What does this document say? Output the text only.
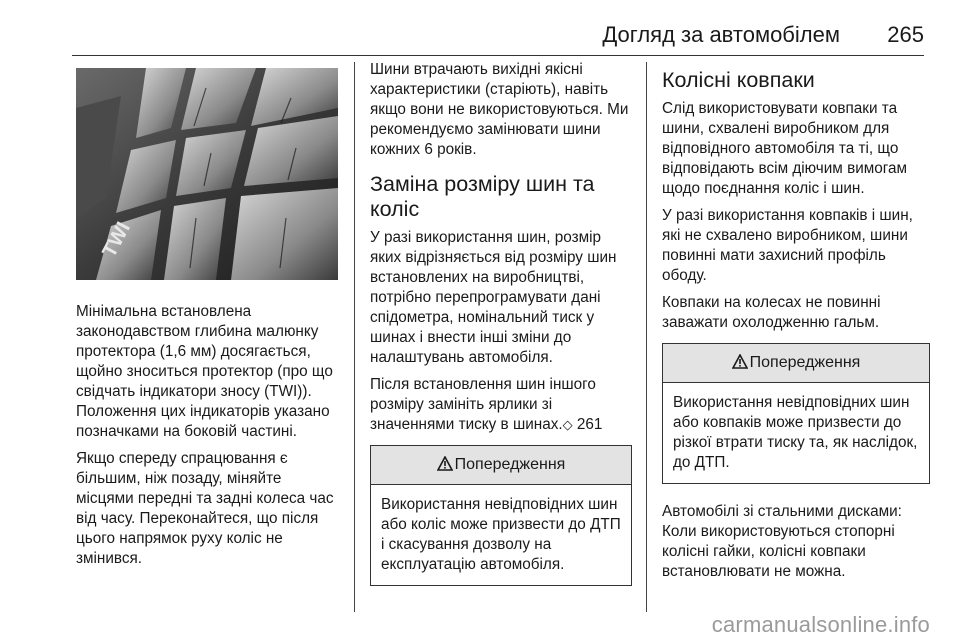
Догляд за автомобілем 265
TWI

Мінімальна встановлена законодавством глибина малюнку протектора (1,6 мм) досягається, щойно зноситься протектор (про що свідчать індикатори зносу (TWI)). Положення цих індикаторів указано позначками на боковій частині.

Якщо спереду спрацювання є більшим, ніж позаду, міняйте місцями передні та задні колеса час від часу. Переконайтеся, що після цього напрямок руху коліс не змінився.

Шини втрачають вихідні якісні характеристики (старіють), навіть якщо вони не використовуються. Ми рекомендуємо замінювати шини кожних 6 років.

Заміна розміру шин та коліс

У разі використання шин, розмір яких відрізняється від розміру шин встановлених на виробництві, потрібно перепрограмувати дані спідометра, номінальний тиск у шинах і внести інші зміни до налаштувань автомобіля.

Після встановлення шин іншого розміру замініть ярлики зі значеннями тиску в шинах.◇ 261

Попередження
Використання невідповідних шин або коліс може призвести до ДТП і скасування дозволу на експлуатацію автомобіля.
Колісні ковпаки

Слід використовувати ковпаки та шини, схвалені виробником для відповідного автомобіля та ті, що відповідають всім діючим вимогам щодо поєднання коліс і шин.

У разі використання ковпаків і шин, які не схвалено виробником, шини повинні мати захисний профіль ободу.

Ковпаки на колесах не повинні заважати охолодженню гальм.

Попередження
Використання невідповідних шин або ковпаків може призвести до різкої втрати тиску та, як наслідок, до ДТП.

Автомобілі зі стальними дисками: Коли використовуються стопорні колісні гайки, колісні ковпаки встановлювати не можна.

carmanualsonline.info
